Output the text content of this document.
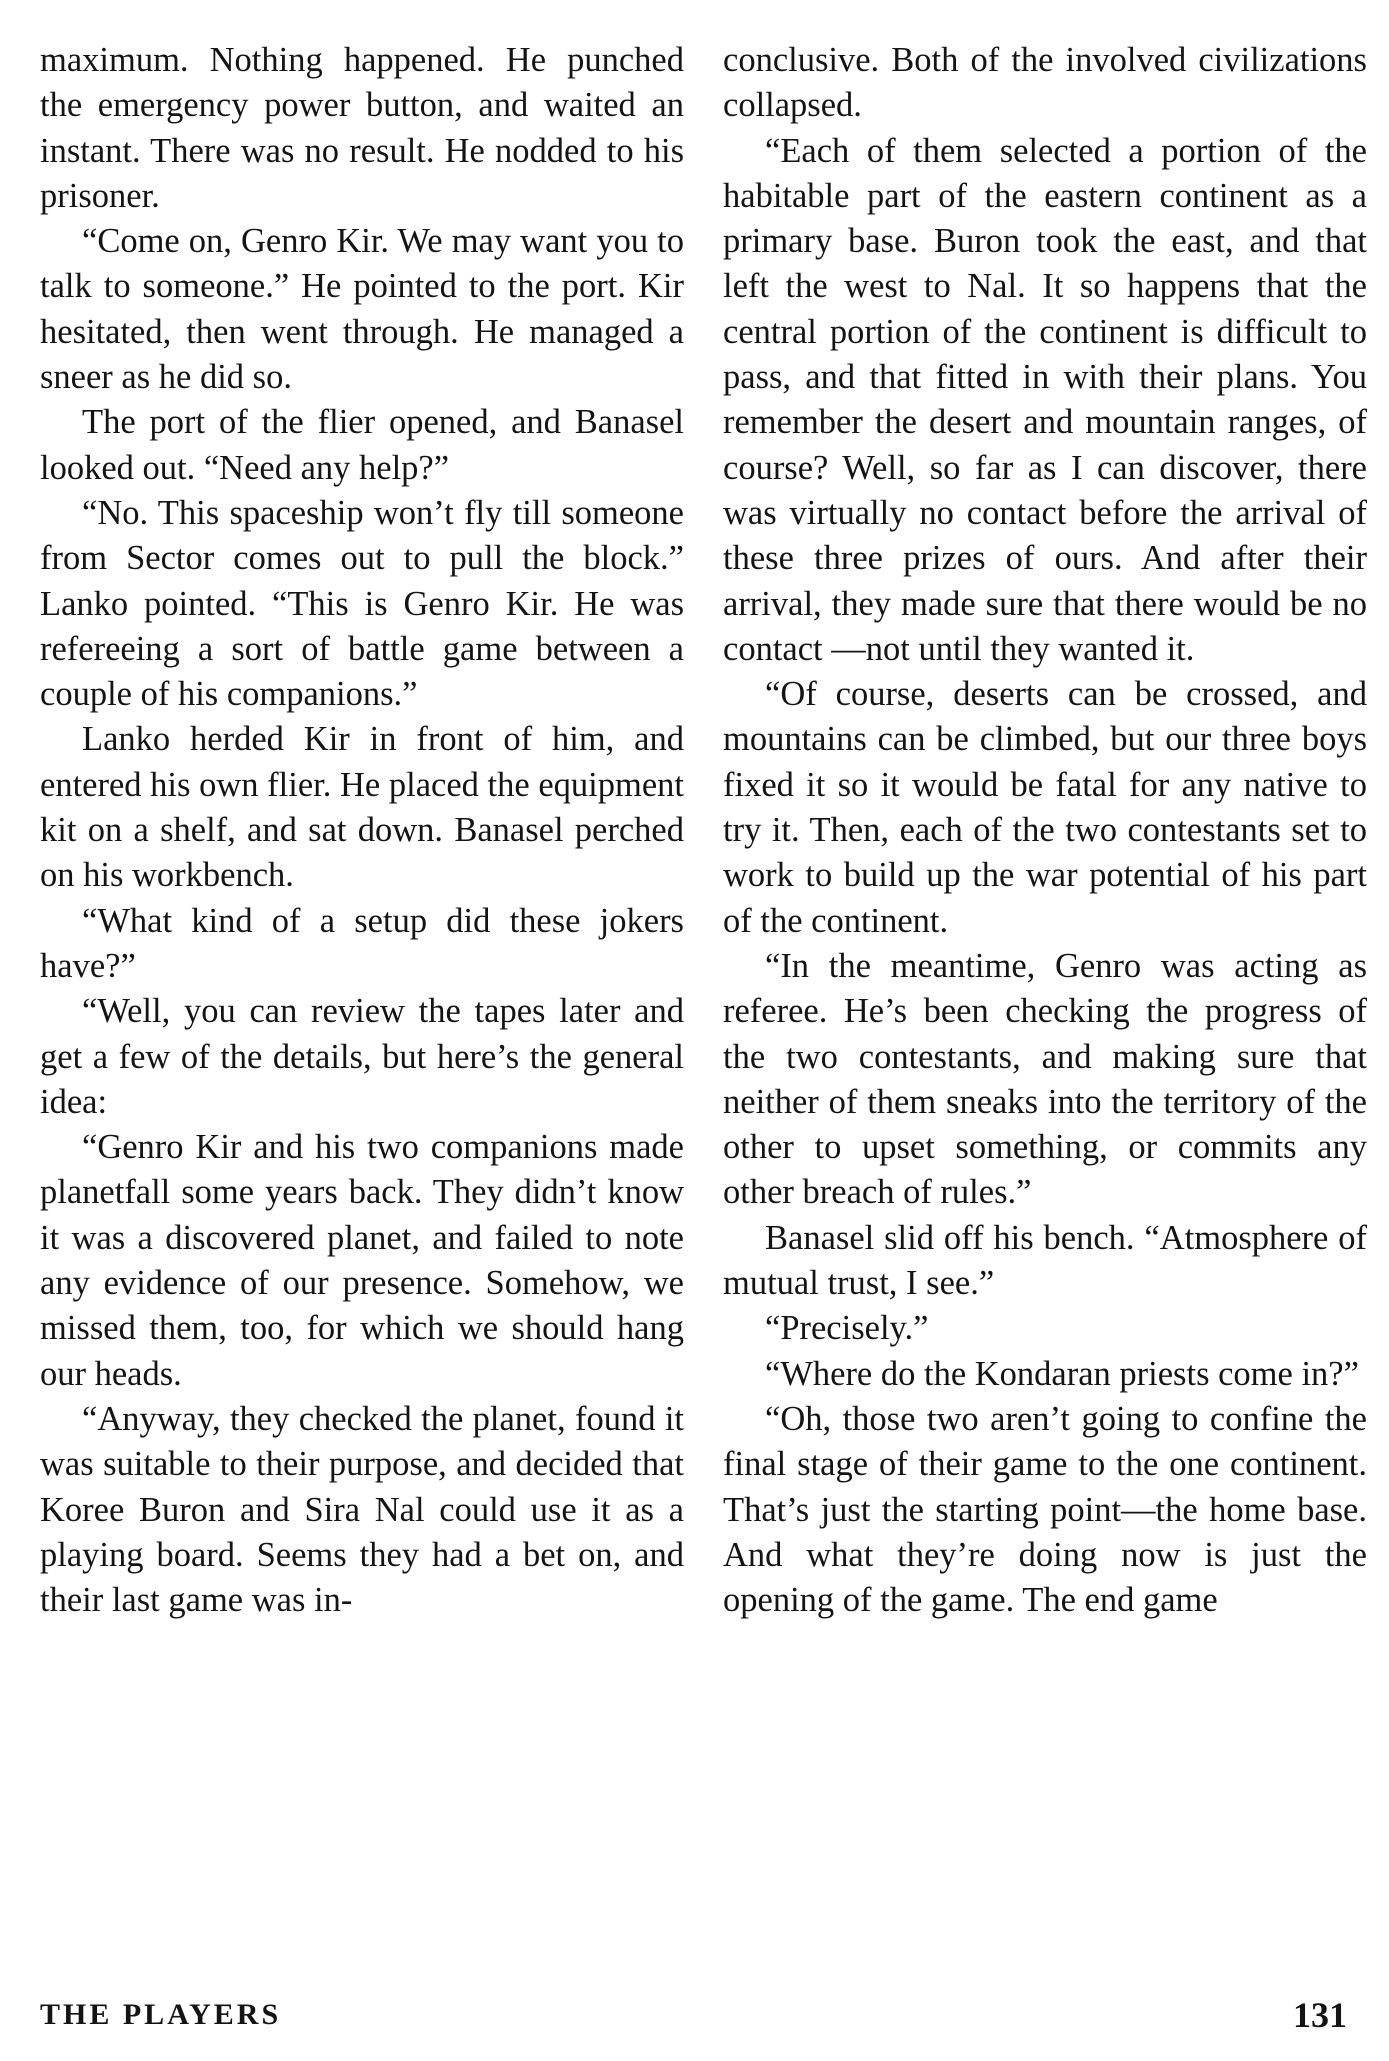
maximum. Nothing happened. He punched the emergency power button, and waited an instant. There was no result. He nodded to his prisoner.

“Come on, Genro Kir. We may want you to talk to someone.” He pointed to the port. Kir hesitated, then went through. He managed a sneer as he did so.

The port of the flier opened, and Banasel looked out. “Need any help?”

“No. This spaceship won’t fly till someone from Sector comes out to pull the block.” Lanko pointed. “This is Genro Kir. He was refereeing a sort of battle game between a couple of his companions.”

Lanko herded Kir in front of him, and entered his own flier. He placed the equipment kit on a shelf, and sat down. Banasel perched on his workbench.

“What kind of a setup did these jokers have?”

“Well, you can review the tapes later and get a few of the details, but here’s the general idea:

“Genro Kir and his two companions made planetfall some years back. They didn’t know it was a discovered planet, and failed to note any evidence of our presence. Somehow, we missed them, too, for which we should hang our heads.

“Anyway, they checked the planet, found it was suitable to their purpose, and decided that Koree Buron and Sira Nal could use it as a playing board. Seems they had a bet on, and their last game was in-

conclusive. Both of the involved civilizations collapsed.

“Each of them selected a portion of the habitable part of the eastern continent as a primary base. Buron took the east, and that left the west to Nal. It so happens that the central portion of the continent is difficult to pass, and that fitted in with their plans. You remember the desert and mountain ranges, of course? Well, so far as I can discover, there was virtually no contact before the arrival of these three prizes of ours. And after their arrival, they made sure that there would be no contact —not until they wanted it.

“Of course, deserts can be crossed, and mountains can be climbed, but our three boys fixed it so it would be fatal for any native to try it. Then, each of the two contestants set to work to build up the war potential of his part of the continent.

“In the meantime, Genro was acting as referee. He’s been checking the progress of the two contestants, and making sure that neither of them sneaks into the territory of the other to upset something, or commits any other breach of rules.”

Banasel slid off his bench. “Atmosphere of mutual trust, I see.”

“Precisely.”

“Where do the Kondaran priests come in?”

“Oh, those two aren’t going to confine the final stage of their game to the one continent. That’s just the starting point—the home base. And what they’re doing now is just the opening of the game. The end game

THE PLAYERS	131
